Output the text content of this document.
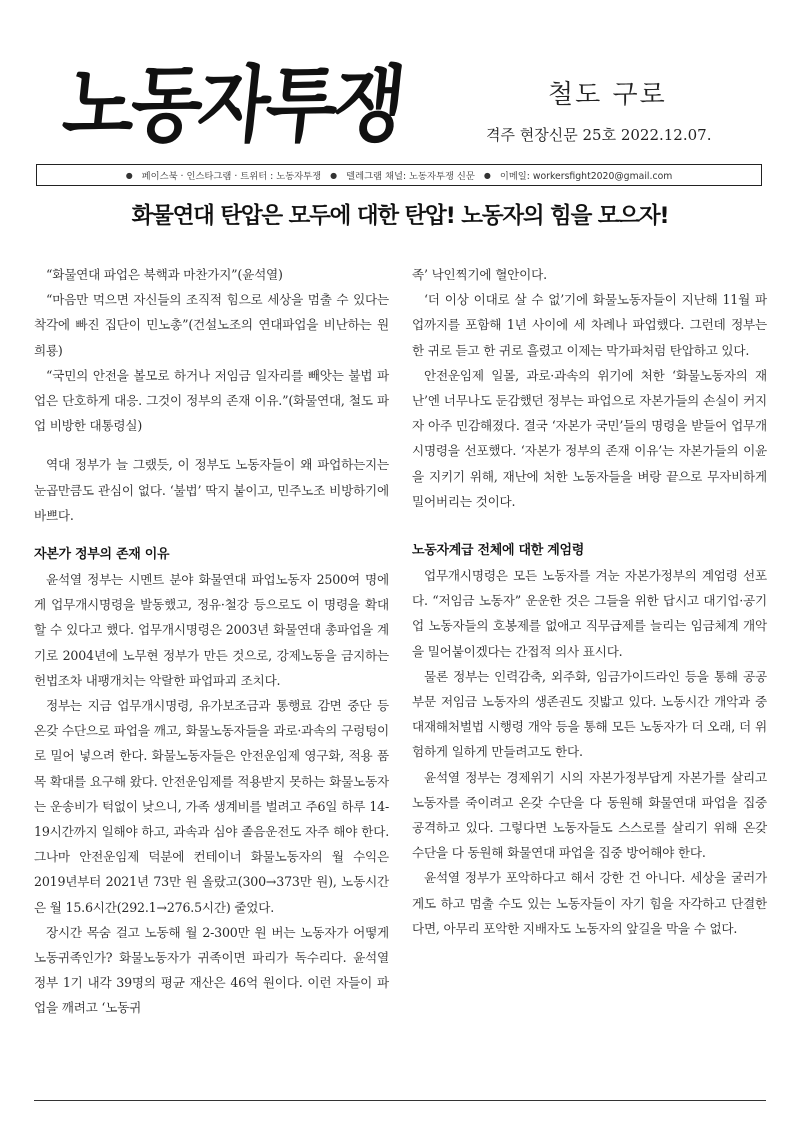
노동자투쟁	철도 구로
격주 현장신문 25호 2022.12.07.
● 페이스북 · 인스타그램 · 트위터 : 노동자투쟁 ● 텔레그램 채널: 노동자투쟁 신문 ● 이메일: workersfight2020@gmail.com
화물연대 탄압은 모두에 대한 탄압! 노동자의 힘을 모으자!

“화물연대 파업은 북핵과 마찬가지”(윤석열)

“마음만 먹으면 자신들의 조직적 힘으로 세상을 멈출 수 있다는 착각에 빠진 집단이 민노총”(건설노조의 연대파업을 비난하는 원희룡)

“국민의 안전을 볼모로 하거나 저임금 일자리를 빼앗는 불법 파업은 단호하게 대응. 그것이 정부의 존재 이유.”(화물연대, 철도 파업 비방한 대통령실)

역대 정부가 늘 그랬듯, 이 정부도 노동자들이 왜 파업하는지는 눈곱만큼도 관심이 없다. ‘불법’ 딱지 붙이고, 민주노조 비방하기에 바쁘다.

자본가 정부의 존재 이유

윤석열 정부는 시멘트 분야 화물연대 파업노동자 2500여 명에게 업무개시명령을 발동했고, 정유·철강 등으로도 이 명령을 확대할 수 있다고 했다. 업무개시명령은 2003년 화물연대 총파업을 계기로 2004년에 노무현 정부가 만든 것으로, 강제노동을 금지하는 헌법조차 내팽개치는 악랄한 파업파괴 조치다.

정부는 지금 업무개시명령, 유가보조금과 통행료 감면 중단 등 온갖 수단으로 파업을 깨고, 화물노동자들을 과로·과속의 구렁텅이로 밀어 넣으려 한다. 화물노동자들은 안전운임제 영구화, 적용 품목 확대를 요구해 왔다. 안전운임제를 적용받지 못하는 화물노동자는 운송비가 턱없이 낮으니, 가족 생계비를 벌려고 주6일 하루 14-19시간까지 일해야 하고, 과속과 심야 졸음운전도 자주 해야 한다. 그나마 안전운임제 덕분에 컨테이너 화물노동자의 월 수익은 2019년부터 2021년 73만 원 올랐고(300→373만 원), 노동시간은 월 15.6시간(292.1→276.5시간) 줄었다.

장시간 목숨 걸고 노동해 월 2-300만 원 버는 노동자가 어떻게 노동귀족인가? 화물노동자가 귀족이면 파리가 독수리다. 윤석열 정부 1기 내각 39명의 평균 재산은 46억 원이다. 이런 자들이 파업을 깨려고 ‘노동귀

족’ 낙인찍기에 혈안이다.

‘더 이상 이대로 살 수 없’기에 화물노동자들이 지난해 11월 파업까지를 포함해 1년 사이에 세 차례나 파업했다. 그런데 정부는 한 귀로 듣고 한 귀로 흘렸고 이제는 막가파처럼 탄압하고 있다.

안전운임제 일몰, 과로·과속의 위기에 처한 ‘화물노동자의 재난’엔 너무나도 둔감했던 정부는 파업으로 자본가들의 손실이 커지자 아주 민감해졌다. 결국 ‘자본가 국민’들의 명령을 받들어 업무개시명령을 선포했다. ‘자본가 정부의 존재 이유’는 자본가들의 이윤을 지키기 위해, 재난에 처한 노동자들을 벼랑 끝으로 무자비하게 밀어버리는 것이다.

노동자계급 전체에 대한 계엄령

업무개시명령은 모든 노동자를 겨눈 자본가정부의 계엄령 선포다. “저임금 노동자” 운운한 것은 그들을 위한 답시고 대기업·공기업 노동자들의 호봉제를 없애고 직무급제를 늘리는 임금체계 개악을 밀어붙이겠다는 간접적 의사 표시다.

물론 정부는 인력감축, 외주화, 임금가이드라인 등을 통해 공공부문 저임금 노동자의 생존권도 짓밟고 있다. 노동시간 개악과 중대재해처벌법 시행령 개악 등을 통해 모든 노동자가 더 오래, 더 위험하게 일하게 만들려고도 한다.

윤석열 정부는 경제위기 시의 자본가정부답게 자본가를 살리고 노동자를 죽이려고 온갖 수단을 다 동원해 화물연대 파업을 집중 공격하고 있다. 그렇다면 노동자들도 스스로를 살리기 위해 온갖 수단을 다 동원해 화물연대 파업을 집중 방어해야 한다.

윤석열 정부가 포악하다고 해서 강한 건 아니다. 세상을 굴러가게도 하고 멈출 수도 있는 노동자들이 자기 힘을 자각하고 단결한다면, 아무리 포악한 지배자도 노동자의 앞길을 막을 수 없다.
